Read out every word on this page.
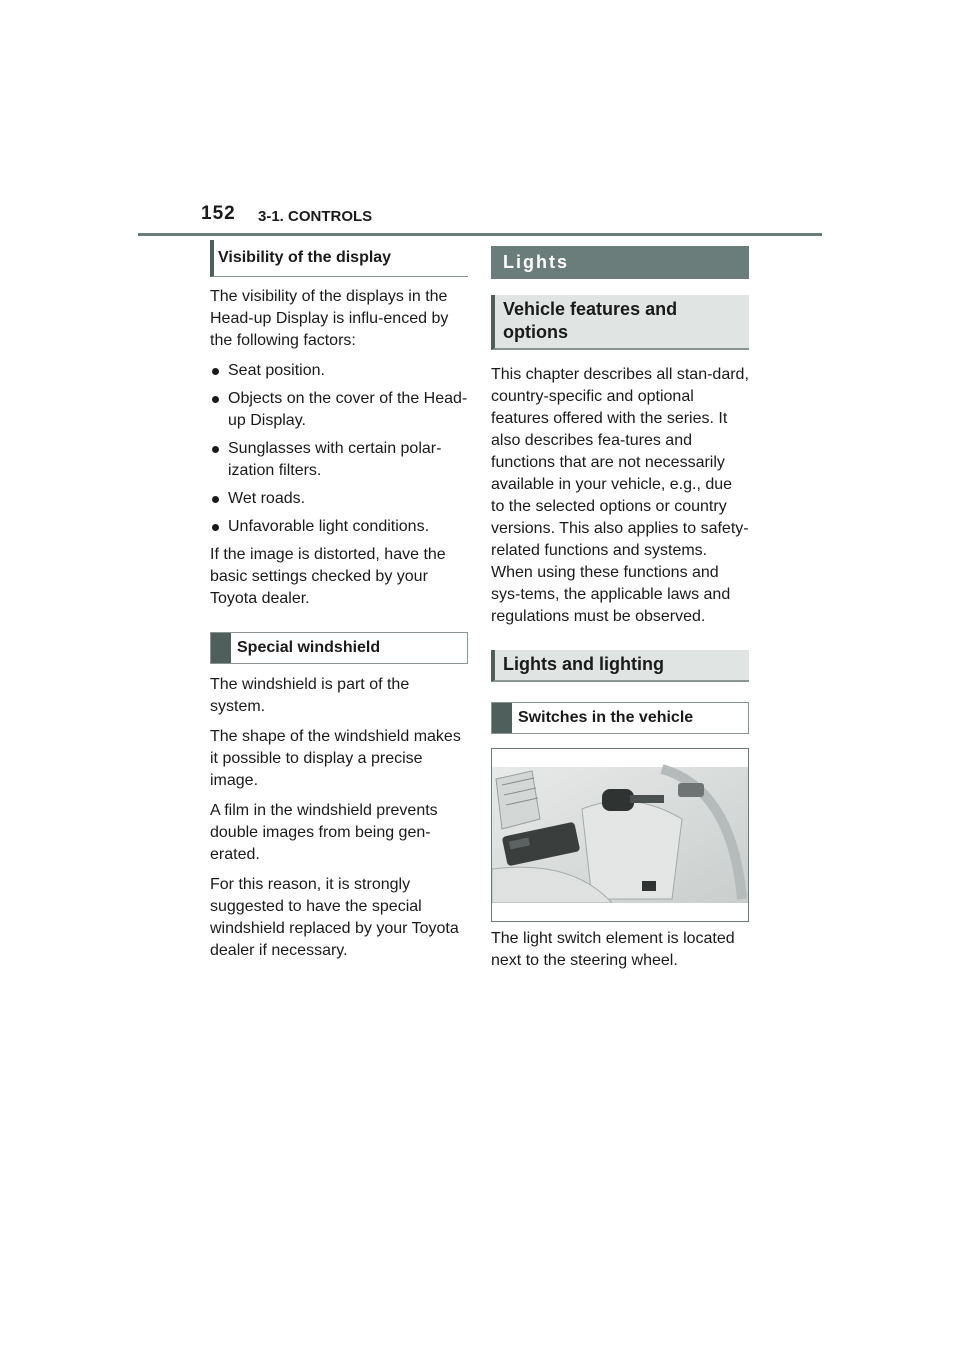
152 3-1. CONTROLS
Visibility of the display

The visibility of the displays in the Head-up Display is influ-enced by the following factors:

Seat position.
Objects on the cover of the Head-up Display.
Sunglasses with certain polar-ization filters.
Wet roads.
Unfavorable light conditions.

If the image is distorted, have the basic settings checked by your Toyota dealer.

Special windshield

The windshield is part of the system.

The shape of the windshield makes it possible to display a precise image.

A film in the windshield prevents double images from being gen-erated.

For this reason, it is strongly suggested to have the special windshield replaced by your Toyota dealer if necessary.

Lights
Vehicle features and options

This chapter describes all stan-dard, country-specific and optional features offered with the series. It also describes fea-tures and functions that are not necessarily available in your vehicle, e.g., due to the selected options or country versions. This also applies to safety-related functions and systems. When using these functions and sys-tems, the applicable laws and regulations must be observed.

Lights and lighting
Switches in the vehicle

The light switch element is located next to the steering wheel.
